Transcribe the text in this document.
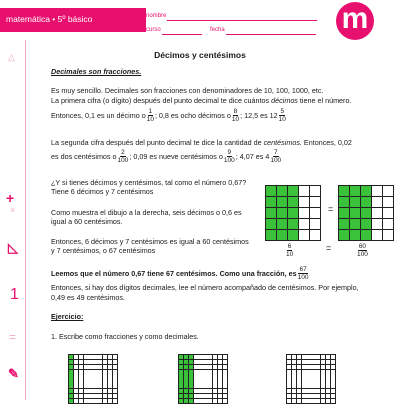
matemática • 5º básico	nombre
curso	fecha	m
△
+
×
◺
1
=
✎
Décimos y centésimos
Decimales son fracciones.
Es muy sencillo. Decimales son fracciones con denominadores de 10, 100, 1000, etc.
La primera cifra (o dígito) después del punto decimal te dice cuántos décimos tiene el número.
Entonces, 0,1 es un décimo o $\frac{1}{10}$ ; 0,8 es ocho décimos o $\frac{8}{10}$ ; 12,5 es $12 \frac{5}{10}$
La segunda cifra después del punto decimal te dice la cantidad de centésimos. Entonces, 0,02
es dos centésimos o $\frac{2}{100}$ ; 0,09 es nueve centésimos o $\frac{9}{100}$ ; 4,07 es $4 \frac{7}{100}$
¿Y si tienes décimos y centésimos, tal como el número 0,67?
Tiene 6 décimos y 7 centésimos
Como muestra el dibujo a la derecha, seis décimos o 0,6 es
igual a 60 centésimos.
Entonces, 6 décimos y 7 centésimos es igual a 60 centésimos
y 7 centésimos, o 67 centésimos
=
$\frac{6}{10}$	=	$\frac{60}{100}$
Leemos que el número 0,67 tiene 67 centésimos. Como una fracción, es $\frac{67}{100}$
Entonces, si hay dos dígitos decimales, lee el número acompañado de centésimos. Por ejemplo,
0,49 es 49 centésimos.
Ejercicio:
1. Escribe como fracciones y como decimales.
